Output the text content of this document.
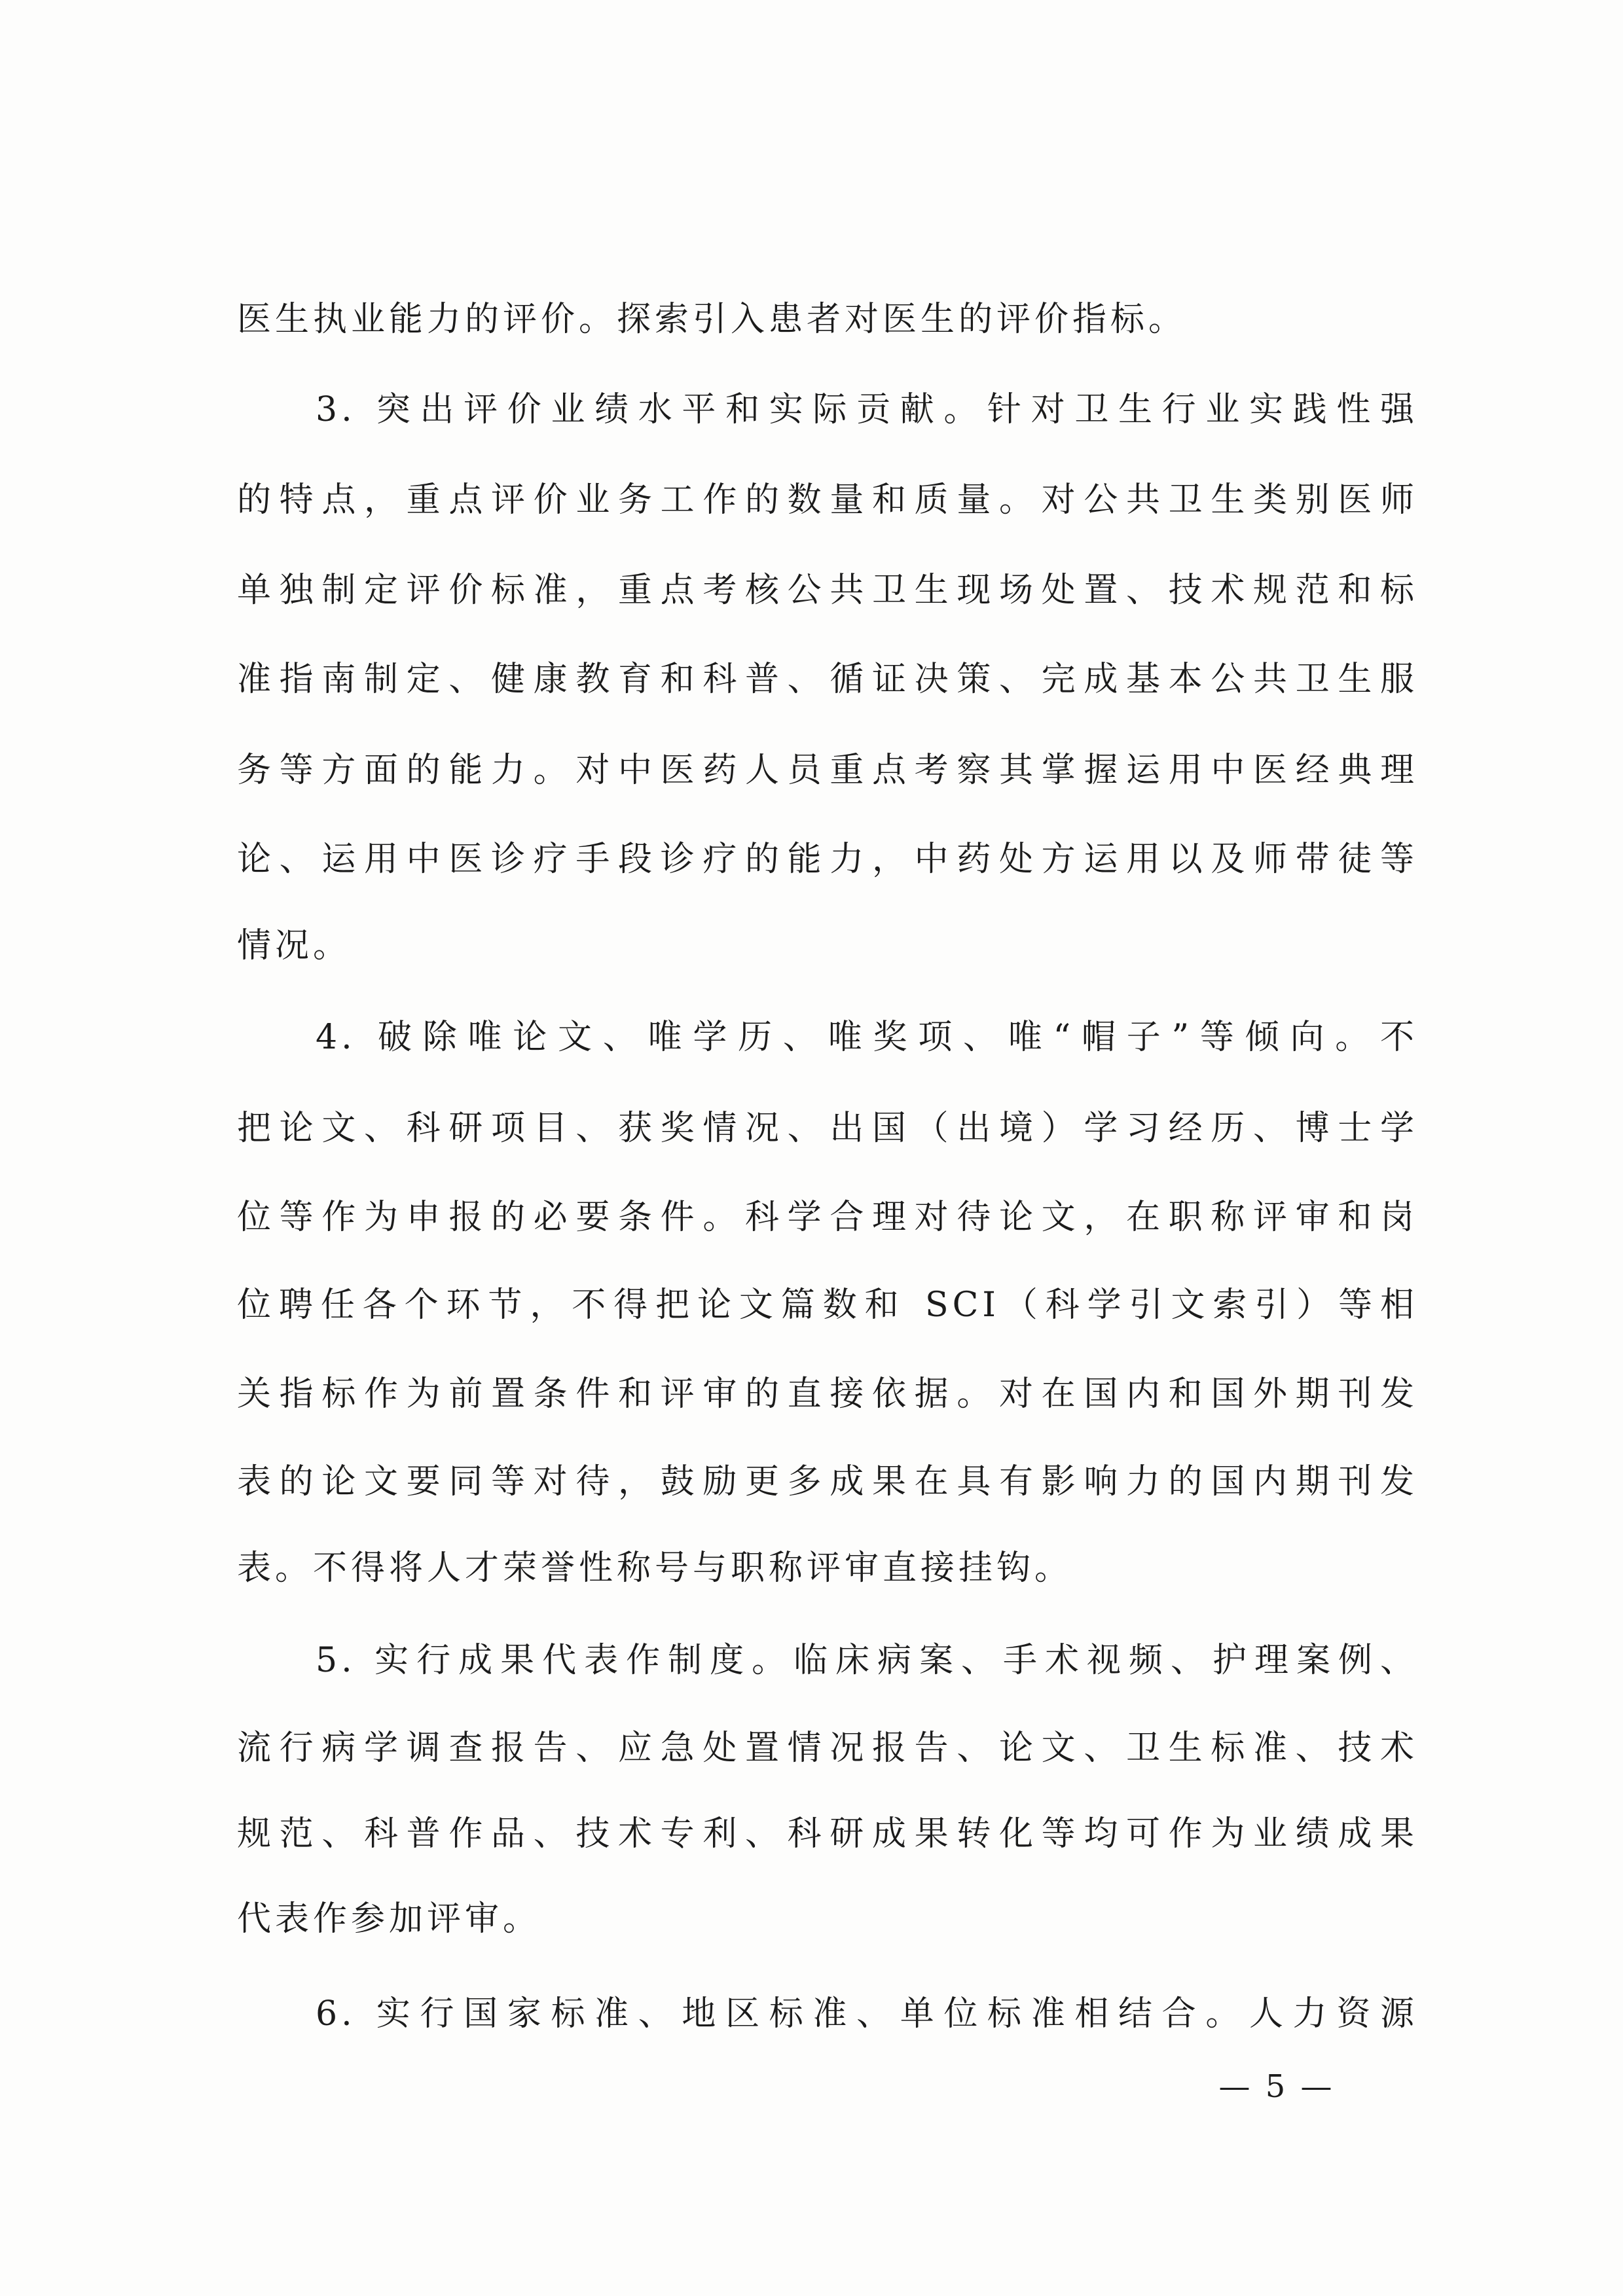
医生执业能力的评价。探索引入患者对医生的评价指标。
3. 突出评价业绩水平和实际贡献。针对卫生行业实践性强
的特点，重点评价业务工作的数量和质量。对公共卫生类别医师
单独制定评价标准，重点考核公共卫生现场处置、技术规范和标
准指南制定、健康教育和科普、循证决策、完成基本公共卫生服
务等方面的能力。对中医药人员重点考察其掌握运用中医经典理
论、运用中医诊疗手段诊疗的能力，中药处方运用以及师带徒等
情况。
4. 破除唯论文、唯学历、唯奖项、唯“帽子”等倾向。不
把论文、科研项目、获奖情况、出国（出境）学习经历、博士学
位等作为申报的必要条件。科学合理对待论文，在职称评审和岗
位聘任各个环节，不得把论文篇数和 SCI（科学引文索引）等相
关指标作为前置条件和评审的直接依据。对在国内和国外期刊发
表的论文要同等对待，鼓励更多成果在具有影响力的国内期刊发
表。不得将人才荣誉性称号与职称评审直接挂钩。
5. 实行成果代表作制度。临床病案、手术视频、护理案例、
流行病学调查报告、应急处置情况报告、论文、卫生标准、技术
规范、科普作品、技术专利、科研成果转化等均可作为业绩成果
代表作参加评审。
6. 实行国家标准、地区标准、单位标准相结合。人力资源
— 5 —
